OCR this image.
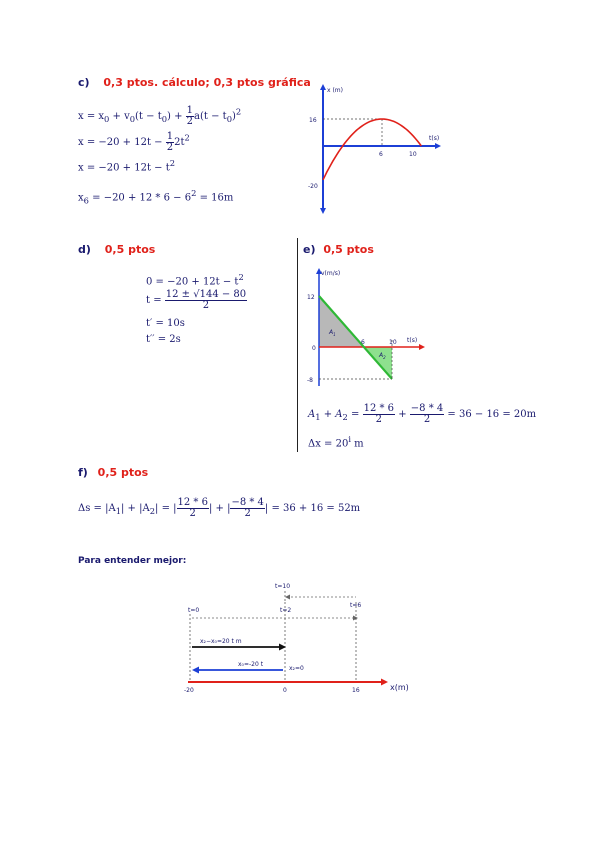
c) 0,3 ptos. cálculo; 0,3 ptos gráfica
$x = x_0 + v_0(t - t_0) + \frac{1}{2} a(t - t_0)^2$
$x = -20 + 12t - \frac{1}{2} 2t^2$
$x = -20 + 12t - t^2$
$x_6 = -20 + 12 * 6 - 6^2 = 16m$
x (m)
t(s)
16
-20
6	10
d) 0,5 ptos
$0 = -20 + 12t - t^2$
$t = \frac{12 \pm √144 - 80}{2}$
t′ = 10s
t′′ = 2s
e) 0,5 ptos
v(m/s)
t(s)
12
0
-8
6	10
$A_1$
$A_2$
$A_1 + A_2 = \frac{12 * 6}{2} + \frac{-8 * 4}{2} = 36 - 16 = 20m$
$\Delta x = 20^i$ m
f) 0,5 ptos
$\Delta s = |A_1| + |A_2|$ = | $\frac{12 * 6}{2}$ | + | $\frac{-8 * 4}{2}$ | = 36 + 16 = 52m
Para entender mejor:
t=10
t=0	t=2
t=6
x₂−x₀=20 t m
x₀=-20 t
x₂=0
-20	0	16	x(m)
